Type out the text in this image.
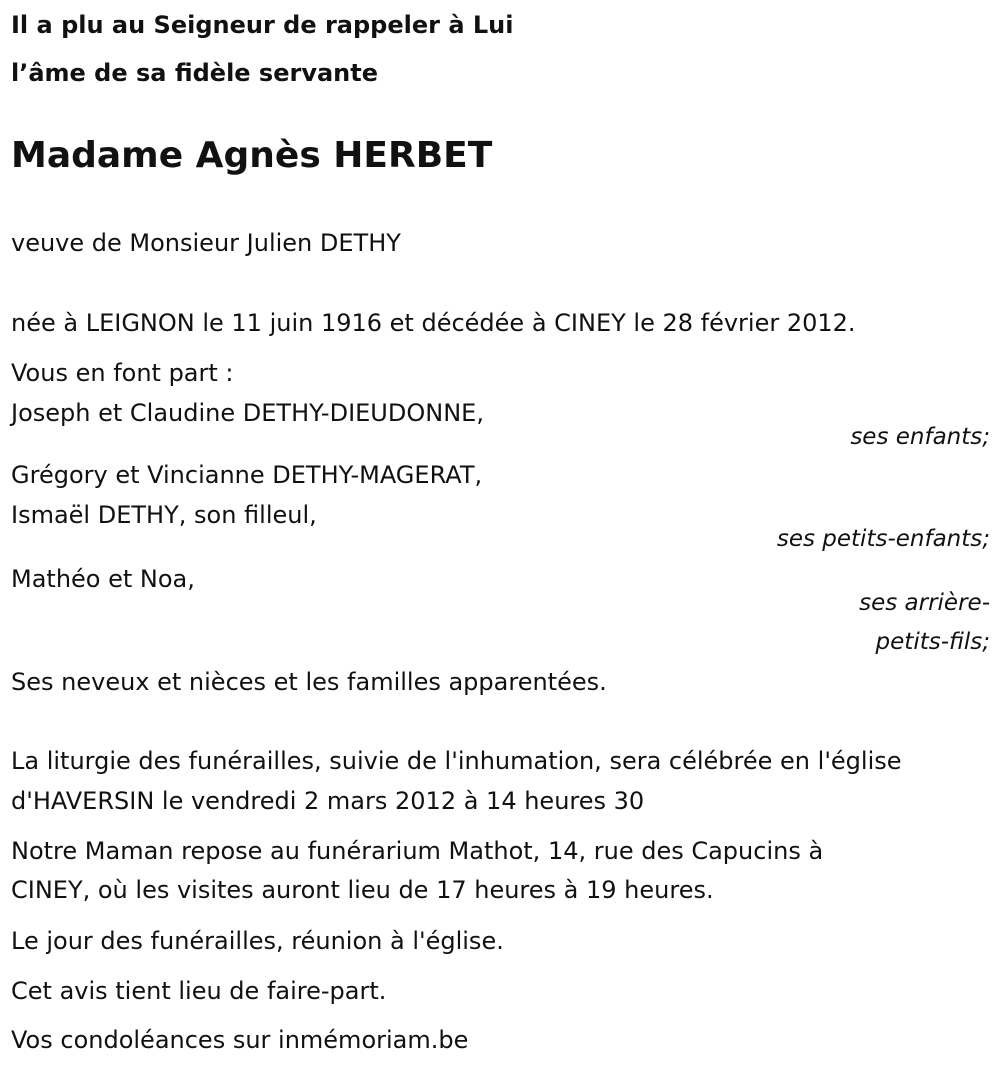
Il a plu au Seigneur de rappeler à Lui
l’âme de sa fidèle servante
Madame Agnès HERBET
veuve de Monsieur Julien DETHY
née à LEIGNON le 11 juin 1916 et décédée à CINEY le 28 février 2012.
Vous en font part :
Joseph et Claudine DETHY-DIEUDONNE,
ses enfants;
Grégory et Vincianne DETHY-MAGERAT,
Ismaël DETHY, son filleul,
ses petits-enfants;
Mathéo et Noa,
ses arrière-
petits-fils;
Ses neveux et nièces et les familles apparentées.
La liturgie des funérailles, suivie de l'inhumation, sera célébrée en l'église
d'HAVERSIN le vendredi 2 mars 2012 à 14 heures 30
Notre Maman repose au funérarium Mathot, 14, rue des Capucins à
CINEY, où les visites auront lieu de 17 heures à 19 heures.
Le jour des funérailles, réunion à l'église.
Cet avis tient lieu de faire-part.
Vos condoléances sur inmémoriam.be
